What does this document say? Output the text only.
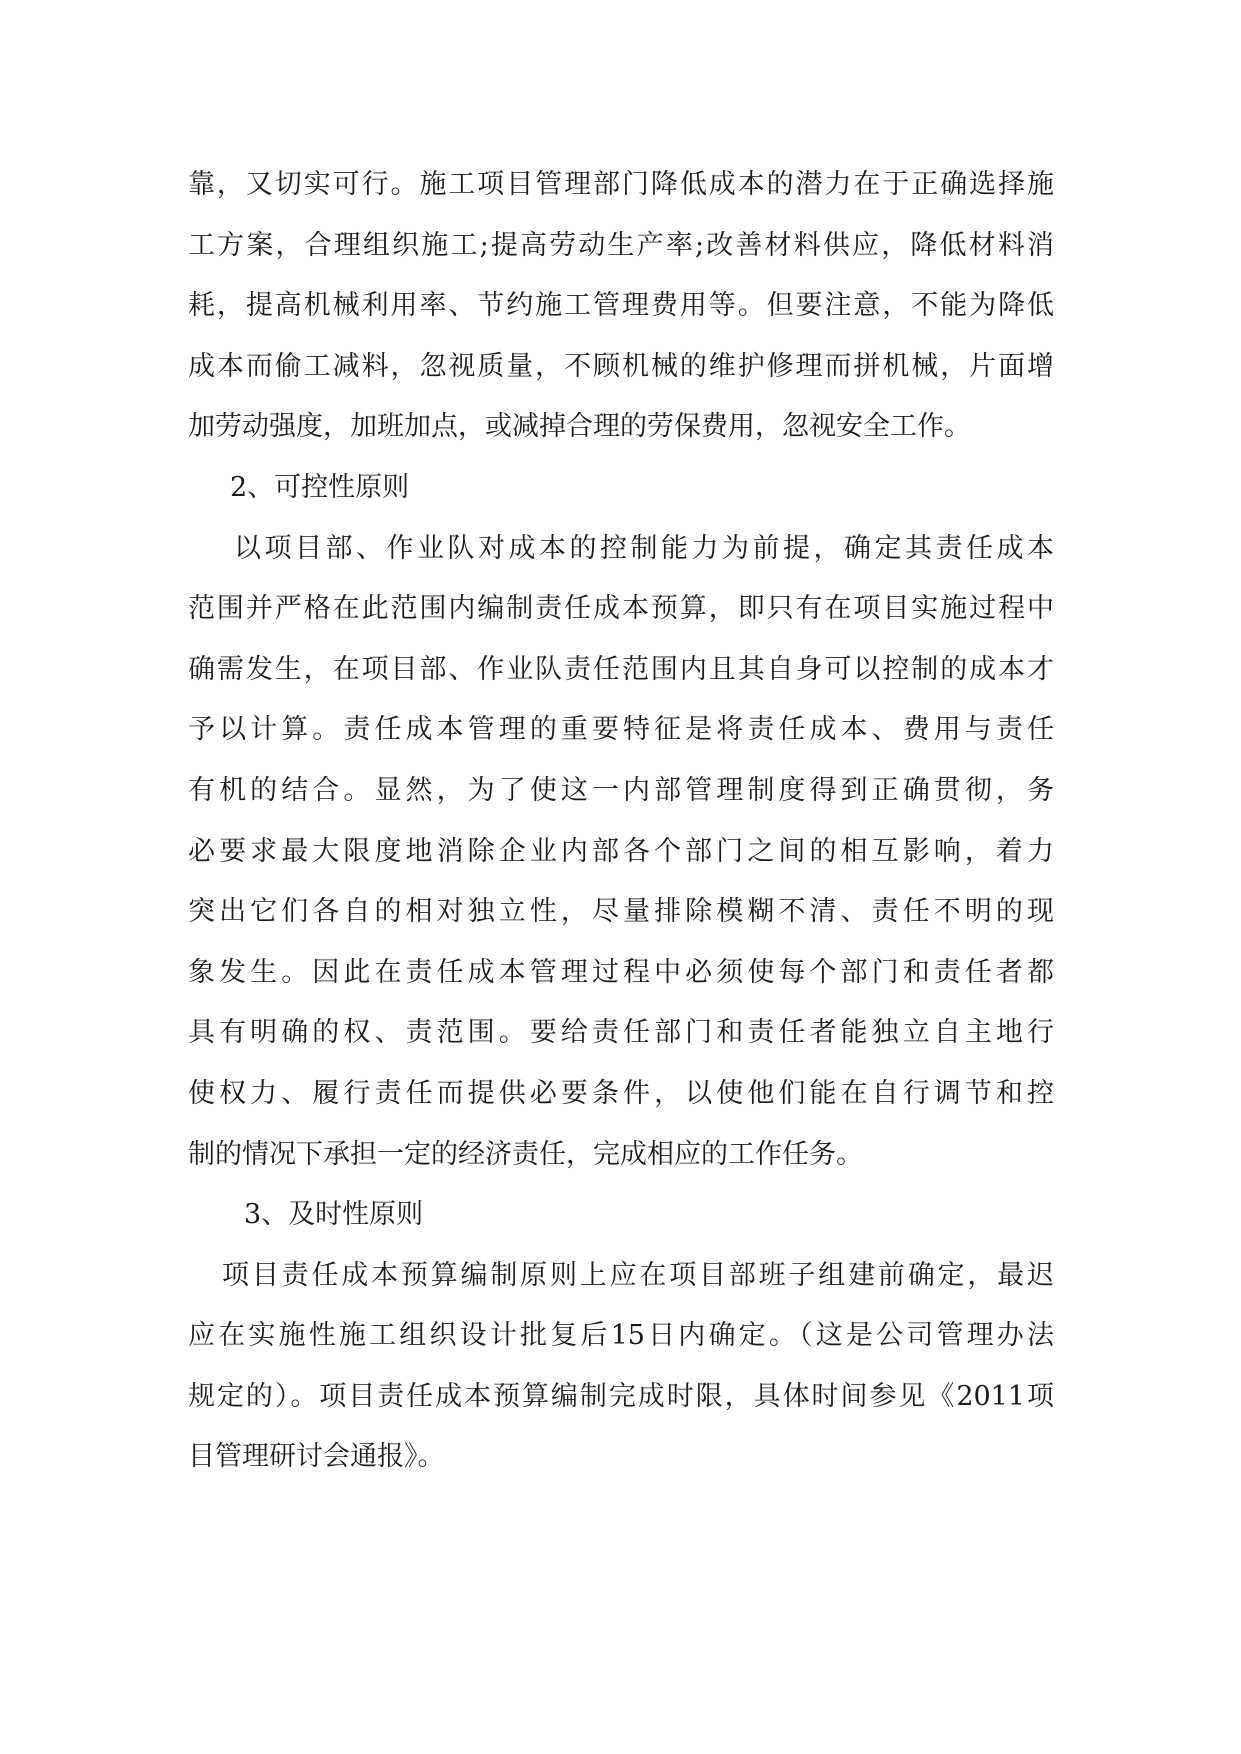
靠，又切实可行。施工项目管理部门降低成本的潜力在于正确选择施
工方案，合理组织施工;提高劳动生产率;改善材料供应，降低材料消
耗，提高机械利用率、节约施工管理费用等。但要注意，不能为降低
成本而偷工减料，忽视质量，不顾机械的维护修理而拼机械，片面增
加劳动强度，加班加点，或减掉合理的劳保费用，忽视安全工作。
2、可控性原则
以项目部、作业队对成本的控制能力为前提，确定其责任成本
范围并严格在此范围内编制责任成本预算，即只有在项目实施过程中
确需发生，在项目部、作业队责任范围内且其自身可以控制的成本才
予以计算。责任成本管理的重要特征是将责任成本、费用与责任
有机的结合。显然，为了使这一内部管理制度得到正确贯彻，务
必要求最大限度地消除企业内部各个部门之间的相互影响，着力
突出它们各自的相对独立性，尽量排除模糊不清、责任不明的现
象发生。因此在责任成本管理过程中必须使每个部门和责任者都
具有明确的权、责范围。要给责任部门和责任者能独立自主地行
使权力、履行责任而提供必要条件，以使他们能在自行调节和控
制的情况下承担一定的经济责任，完成相应的工作任务。
3、及时性原则
项目责任成本预算编制原则上应在项目部班子组建前确定，最迟
应在实施性施工组织设计批复后15日内确定。（这是公司管理办法
规定的）。项目责任成本预算编制完成时限，具体时间参见《2011项
目管理研讨会通报》。
